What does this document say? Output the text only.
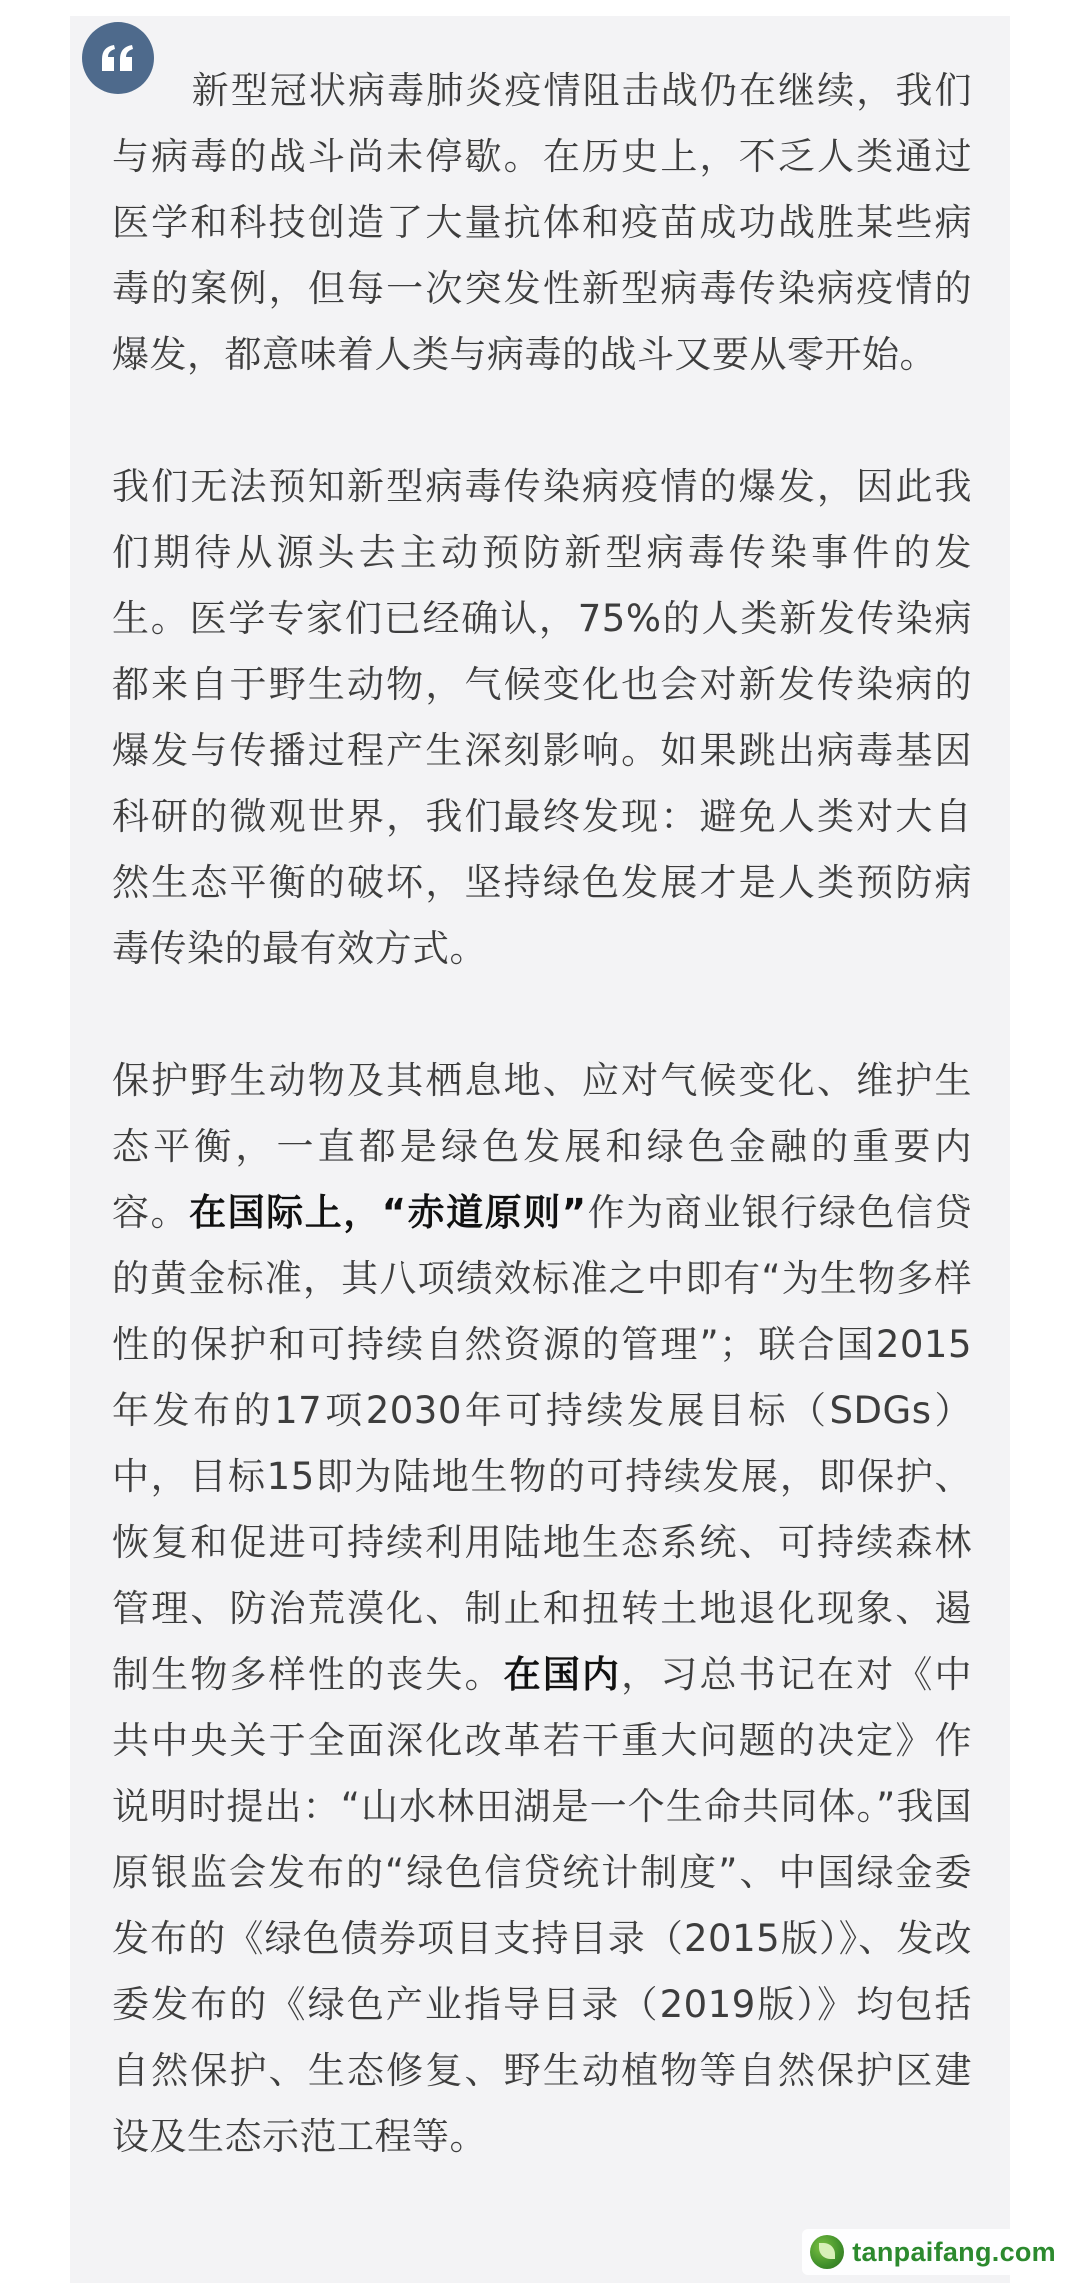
新型冠状病毒肺炎疫情阻击战仍在继续，我们与病毒的战斗尚未停歇。在历史上，不乏人类通过医学和科技创造了大量抗体和疫苗成功战胜某些病毒的案例，但每一次突发性新型病毒传染病疫情的爆发，都意味着人类与病毒的战斗又要从零开始。

我们无法预知新型病毒传染病疫情的爆发，因此我们期待从源头去主动预防新型病毒传染事件的发生。医学专家们已经确认，75%的人类新发传染病都来自于野生动物，气候变化也会对新发传染病的爆发与传播过程产生深刻影响。如果跳出病毒基因科研的微观世界，我们最终发现：避免人类对大自然生态平衡的破坏，坚持绿色发展才是人类预防病毒传染的最有效方式。

保护野生动物及其栖息地、应对气候变化、维护生态平衡，一直都是绿色发展和绿色金融的重要内容。在国际上，“赤道原则”作为商业银行绿色信贷的黄金标准，其八项绩效标准之中即有“为生物多样性的保护和可持续自然资源的管理”；联合国2015年发布的17项2030年可持续发展目标（SDGs）中，目标15即为陆地生物的可持续发展，即保护、恢复和促进可持续利用陆地生态系统、可持续森林管理、防治荒漠化、制止和扭转土地退化现象、遏制生物多样性的丧失。在国内，习总书记在对《中共中央关于全面深化改革若干重大问题的决定》作说明时提出：“山水林田湖是一个生命共同体。”我国原银监会发布的“绿色信贷统计制度”、中国绿金委发布的《绿色债券项目支持目录（2015版）》、发改委发布的《绿色产业指导目录（2019版）》均包括自然保护、生态修复、野生动植物等自然保护区建设及生态示范工程等。

tanpaifang.com
